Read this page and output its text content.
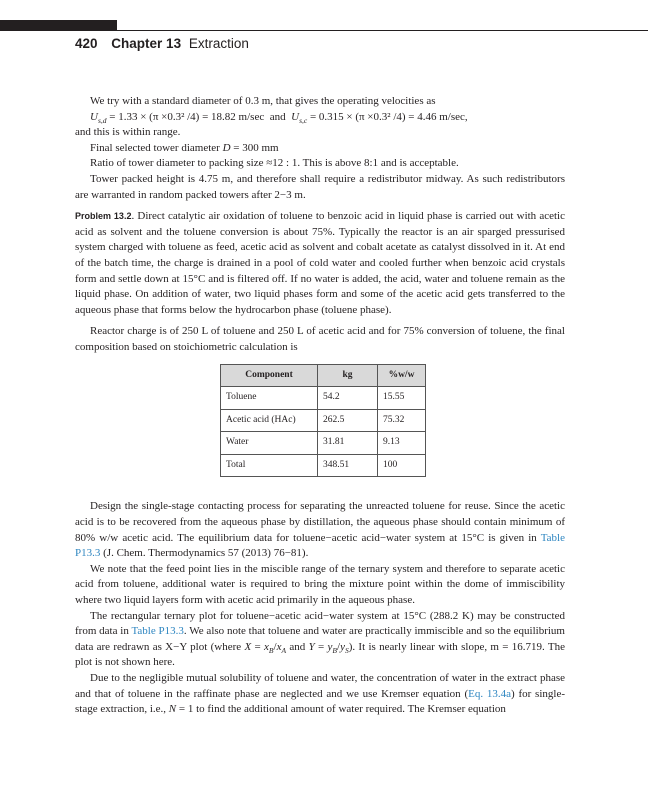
420 Chapter 13 Extraction

We try with a standard diameter of 0.3 m, that gives the operating velocities as

$U_{s,d} = 1.33 \times (\pi \times 0.3^2$ /4) = 18.82 m/sec and $U_{s,c} = 0.315 \times (\pi \times 0.3^2$ /4) = 4.46 m/sec,

and this is within range.

Final selected tower diameter D = 300 mm

Ratio of tower diameter to packing size ≈12 : 1. This is above 8:1 and is acceptable.

Tower packed height is 4.75 m, and therefore shall require a redistributor midway. As such redistributors are warranted in random packed towers after 2−3 m.

Problem 13.2. Direct catalytic air oxidation of toluene to benzoic acid in liquid phase is carried out with acetic acid as solvent and the toluene conversion is about 75%. Typically the reactor is an air sparged pressurised system charged with toluene as feed, acetic acid as solvent and cobalt acetate as catalyst dissolved in it. At end of the batch time, the charge is drained in a pool of cold water and cooled further when benzoic acid crystals form and settle down at 15°C and is filtered off. If no water is added, the acid, water and toluene remain as the liquid phase. On addition of water, two liquid phases form and some of the acetic acid gets transferred to the aqueous phase that forms below the hydrocarbon phase (toluene phase).

Reactor charge is of 250 L of toluene and 250 L of acetic acid and for 75% conversion of toluene, the final composition based on stoichiometric calculation is

Component	kg	%w/w
Toluene	54.2	15.55
Acetic acid (HAc)	262.5	75.32
Water	31.81	9.13
Total	348.51	100

Design the single-stage contacting process for separating the unreacted toluene for reuse. Since the acetic acid is to be recovered from the aqueous phase by distillation, the aqueous phase should contain minimum of 80% w/w acetic acid. The equilibrium data for toluene−acetic acid−water system at 15°C is given in Table P13.3 (J. Chem. Thermodynamics 57 (2013) 76−81).

We note that the feed point lies in the miscible range of the ternary system and therefore to separate acetic acid from toluene, additional water is required to bring the mixture point within the dome of immiscibility where two liquid layers form with acetic acid primarily in the aqueous phase.

The rectangular ternary plot for toluene−acetic acid−water system at 15°C (288.2 K) may be constructed from data in Table P13.3. We also note that toluene and water are practically immiscible and so the equilibrium data are redrawn as X−Y plot (where $X = x_B/x_A$ and $Y = y_B/y_S$). It is nearly linear with slope, m = 16.719. The plot is not shown here.

Due to the negligible mutual solubility of toluene and water, the concentration of water in the extract phase and that of toluene in the raffinate phase are neglected and we use Kremser equation (Eq. 13.4a) for single-stage extraction, i.e., N = 1 to find the additional amount of water required. The Kremser equation
